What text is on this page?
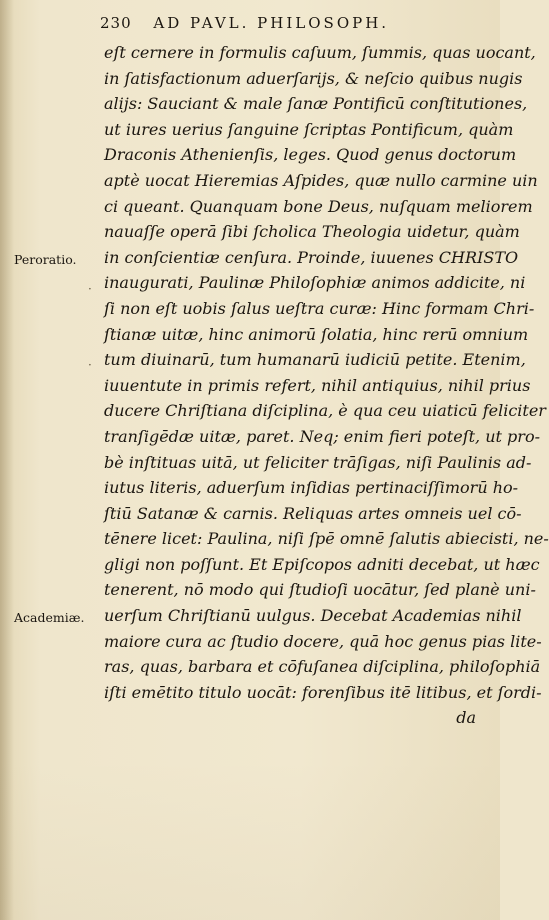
230 AD PAVL. PHILOSOPH.
Peroratio.
·
·
Academiæ.
eſt cernere in formulis caſuum, ſummis, quas uocant,
in ſatisfactionum aduerſarijs, & neſcio quibus nugis
alijs: Sauciant & male ſanæ Pontificū conſtitutiones,
ut iures uerius ſanguine ſcriptas Pontificum, quàm
Draconis Athenienſis, leges. Quod genus doctorum
aptè uocat Hieremias Aſpides, quæ nullo carmine uin
ci queant. Quanquam bone Deus, nuſquam meliorem
nauaſſe operā ſibi ſcholica Theologia uidetur, quàm
in conſcientiæ cenſura. Proinde, iuuenes CHRISTO
inaugurati, Paulinæ Philoſophiæ animos addicite, ni
ſi non eſt uobis ſalus ueſtra curæ: Hinc formam Chri-
ſtianæ uitæ, hinc animorū ſolatia, hinc rerū omnium
tum diuinarū, tum humanarū iudiciū petite. Etenim,
iuuentute in primis refert, nihil antiquius, nihil prius
ducere Chriſtiana diſciplina, è qua ceu uiaticū feliciter
tranſigēdæ uitæ, paret. Neq; enim fieri poteſt, ut pro-
bè inſtituas uitā, ut feliciter trāſigas, niſi Paulinis ad-
iutus literis, aduerſum inſidias pertinaciſſimorū ho-
ſtiū Satanæ & carnis. Reliquas artes omneis uel cō-
tēnere licet: Paulina, niſi ſpē omnē ſalutis abiecisti, ne-
gligi non poſſunt. Et Epiſcopos adniti decebat, ut hæc
tenerent, nō modo qui ſtudioſi uocātur, ſed planè uni-
uerſum Chriſtianū uulgus. Decebat Academias nihil
maiore cura ac ſtudio docere, quā hoc genus pias lite-
ras, quas, barbara et cōfuſanea diſciplina, philoſophiā
iſti emētito titulo uocāt: forenſibus itē litibus, et ſordi-
da
